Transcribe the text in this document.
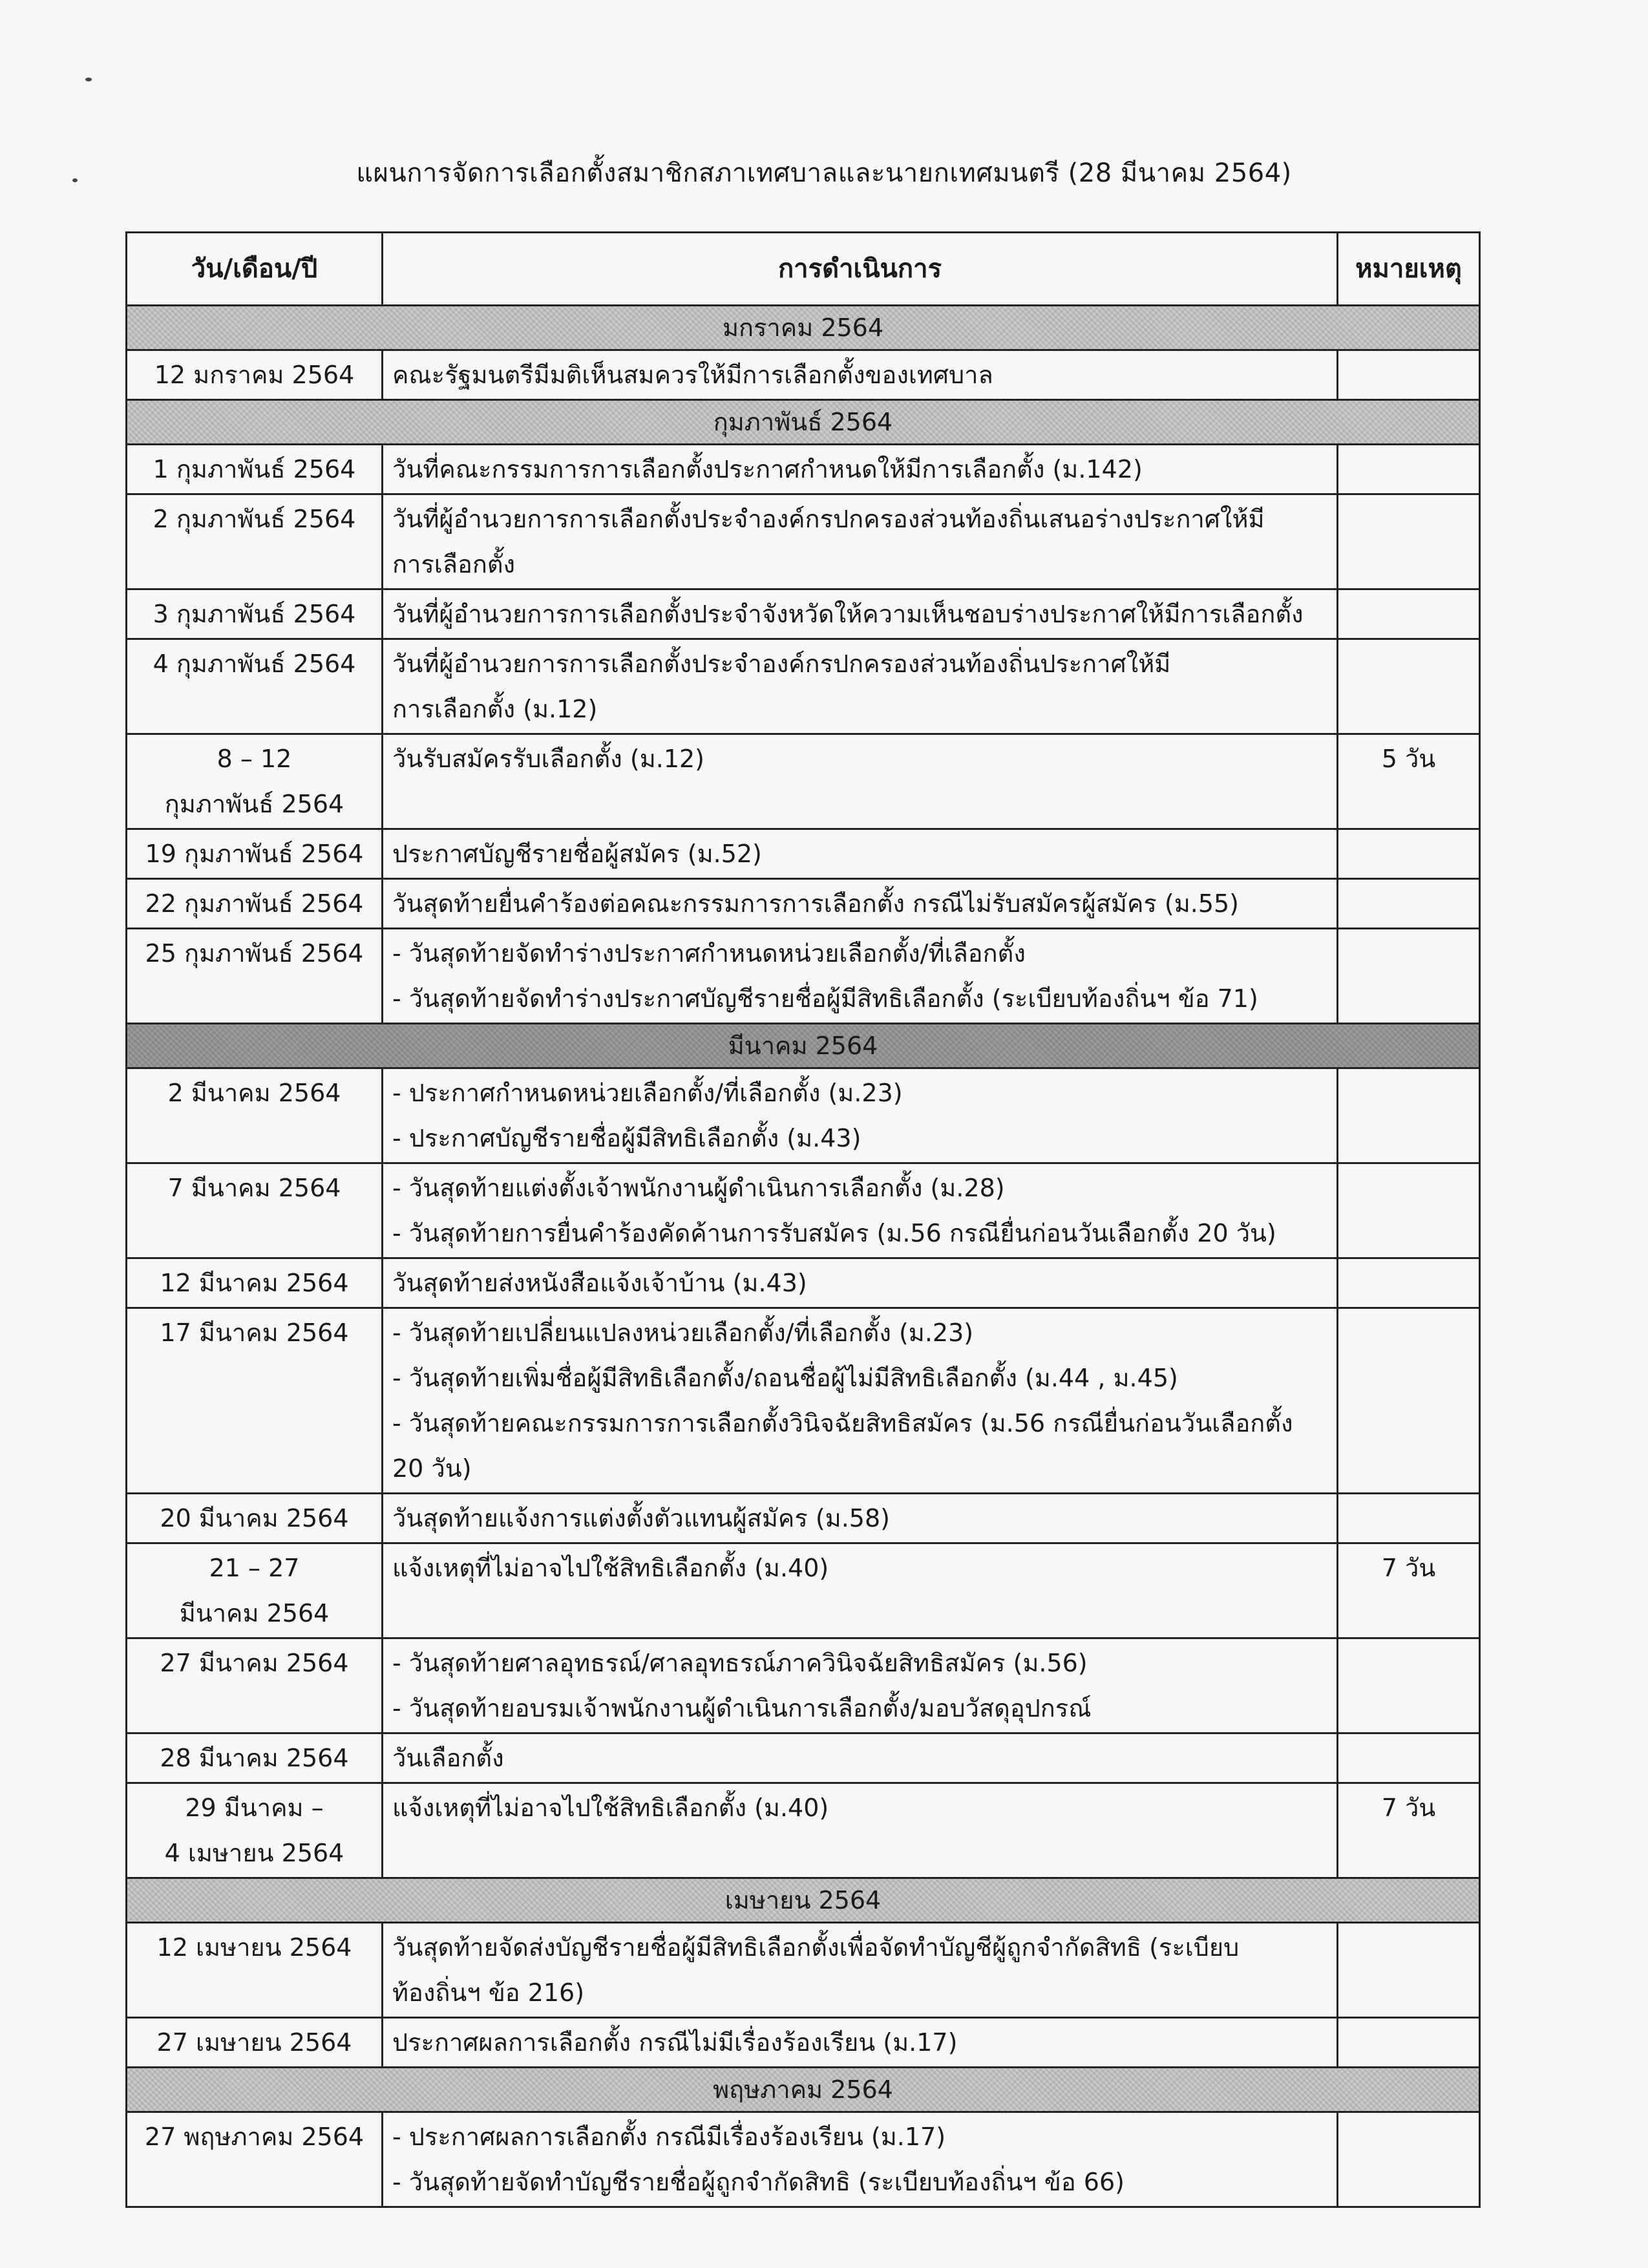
แผนการจัดการเลือกตั้งสมาชิกสภาเทศบาลและนายกเทศมนตรี (28 มีนาคม 2564)
วัน/เดือน/ปี	การดำเนินการ	หมายเหตุ
มกราคม 2564		

12 มกราคม 2564	คณะรัฐมนตรีมีมติเห็นสมควรให้มีการเลือกตั้งของเทศบาล	

กุมภาพันธ์ 2564		

1 กุมภาพันธ์ 2564	วันที่คณะกรรมการการเลือกตั้งประกาศกำหนดให้มีการเลือกตั้ง (ม.142)	

2 กุมภาพันธ์ 2564	วันที่ผู้อำนวยการการเลือกตั้งประจำองค์กรปกครองส่วนท้องถิ่นเสนอร่างประกาศให้มี
การเลือกตั้ง	

3 กุมภาพันธ์ 2564	วันที่ผู้อำนวยการการเลือกตั้งประจำจังหวัดให้ความเห็นชอบร่างประกาศให้มีการเลือกตั้ง	

4 กุมภาพันธ์ 2564	วันที่ผู้อำนวยการการเลือกตั้งประจำองค์กรปกครองส่วนท้องถิ่นประกาศให้มี
การเลือกตั้ง (ม.12)	

8 – 12
กุมภาพันธ์ 2564	วันรับสมัครรับเลือกตั้ง (ม.12)	5 วัน

19 กุมภาพันธ์ 2564	ประกาศบัญชีรายชื่อผู้สมัคร (ม.52)	

22 กุมภาพันธ์ 2564	วันสุดท้ายยื่นคำร้องต่อคณะกรรมการการเลือกตั้ง กรณีไม่รับสมัครผู้สมัคร (ม.55)	

25 กุมภาพันธ์ 2564	- วันสุดท้ายจัดทำร่างประกาศกำหนดหน่วยเลือกตั้ง/ที่เลือกตั้ง
- วันสุดท้ายจัดทำร่างประกาศบัญชีรายชื่อผู้มีสิทธิเลือกตั้ง (ระเบียบท้องถิ่นฯ ข้อ 71)	

มีนาคม 2564		

2 มีนาคม 2564	- ประกาศกำหนดหน่วยเลือกตั้ง/ที่เลือกตั้ง (ม.23)
- ประกาศบัญชีรายชื่อผู้มีสิทธิเลือกตั้ง (ม.43)	

7 มีนาคม 2564	- วันสุดท้ายแต่งตั้งเจ้าพนักงานผู้ดำเนินการเลือกตั้ง (ม.28)
- วันสุดท้ายการยื่นคำร้องคัดค้านการรับสมัคร (ม.56 กรณียื่นก่อนวันเลือกตั้ง 20 วัน)	

12 มีนาคม 2564	วันสุดท้ายส่งหนังสือแจ้งเจ้าบ้าน (ม.43)	

17 มีนาคม 2564	- วันสุดท้ายเปลี่ยนแปลงหน่วยเลือกตั้ง/ที่เลือกตั้ง (ม.23)
- วันสุดท้ายเพิ่มชื่อผู้มีสิทธิเลือกตั้ง/ถอนชื่อผู้ไม่มีสิทธิเลือกตั้ง (ม.44 , ม.45)
- วันสุดท้ายคณะกรรมการการเลือกตั้งวินิจฉัยสิทธิสมัคร (ม.56 กรณียื่นก่อนวันเลือกตั้ง 20 วัน)	

20 มีนาคม 2564	วันสุดท้ายแจ้งการแต่งตั้งตัวแทนผู้สมัคร (ม.58)	

21 – 27
มีนาคม 2564	แจ้งเหตุที่ไม่อาจไปใช้สิทธิเลือกตั้ง (ม.40)	7 วัน

27 มีนาคม 2564	- วันสุดท้ายศาลอุทธรณ์/ศาลอุทธรณ์ภาควินิจฉัยสิทธิสมัคร (ม.56)
- วันสุดท้ายอบรมเจ้าพนักงานผู้ดำเนินการเลือกตั้ง/มอบวัสดุอุปกรณ์	

28 มีนาคม 2564	วันเลือกตั้ง	

29 มีนาคม –
4 เมษายน 2564	แจ้งเหตุที่ไม่อาจไปใช้สิทธิเลือกตั้ง (ม.40)	7 วัน
เมษายน 2564		

12 เมษายน 2564	วันสุดท้ายจัดส่งบัญชีรายชื่อผู้มีสิทธิเลือกตั้งเพื่อจัดทำบัญชีผู้ถูกจำกัดสิทธิ (ระเบียบ
ท้องถิ่นฯ ข้อ 216)	

27 เมษายน 2564	ประกาศผลการเลือกตั้ง กรณีไม่มีเรื่องร้องเรียน (ม.17)	

พฤษภาคม 2564		

27 พฤษภาคม 2564	- ประกาศผลการเลือกตั้ง กรณีมีเรื่องร้องเรียน (ม.17)
- วันสุดท้ายจัดทำบัญชีรายชื่อผู้ถูกจำกัดสิทธิ (ระเบียบท้องถิ่นฯ ข้อ 66)	
